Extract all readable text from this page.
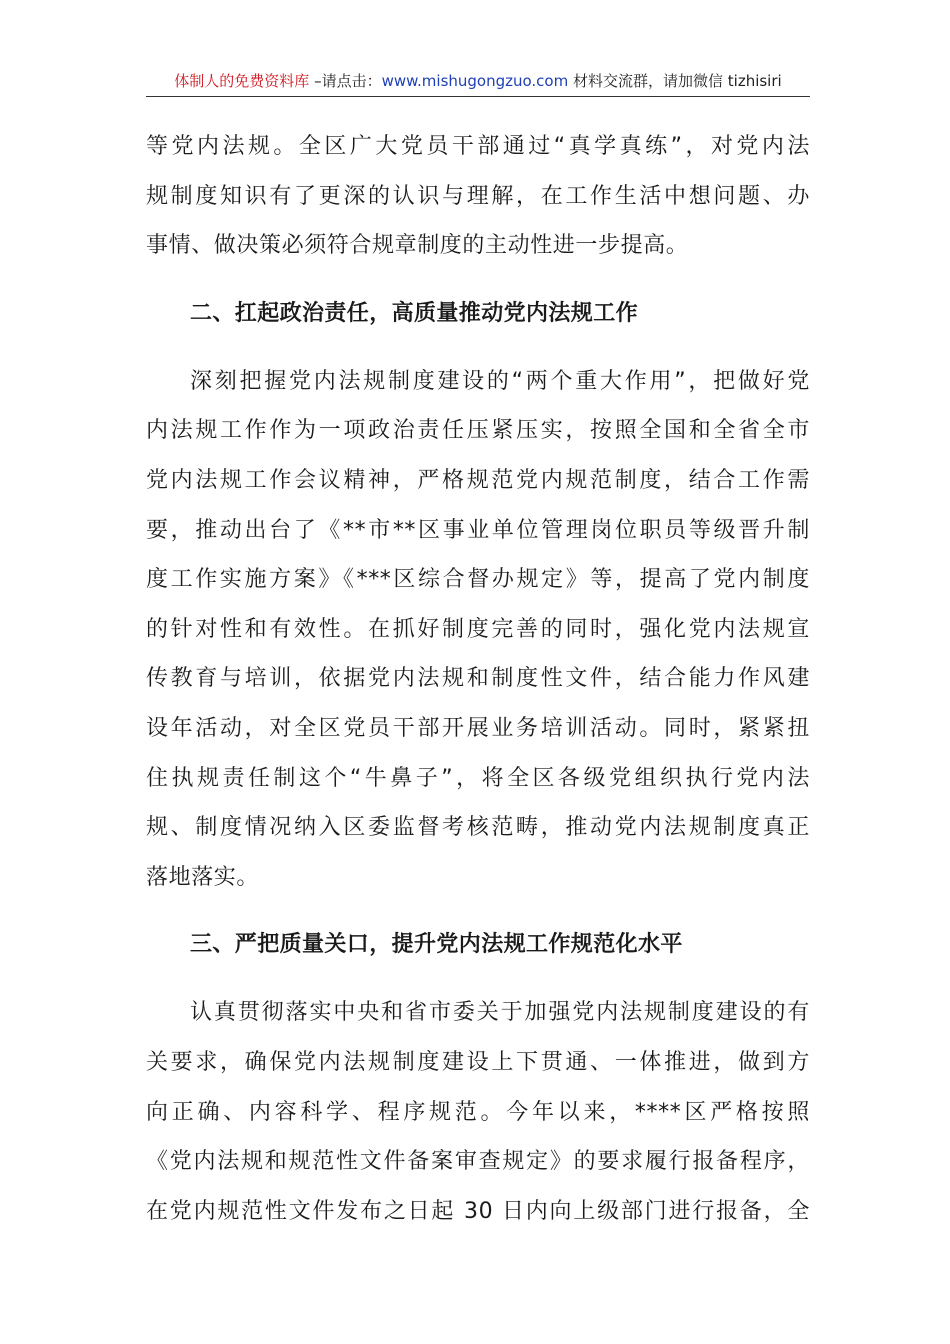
体制人的免费资料库 –请点击：www.mishugongzuo.com 材料交流群，请加微信 tizhisiri
等党内法规。全区广大党员干部通过“真学真练”，对党内法
规制度知识有了更深的认识与理解，在工作生活中想问题、办
事情、做决策必须符合规章制度的主动性进一步提高。
二、扛起政治责任，高质量推动党内法规工作
深刻把握党内法规制度建设的“两个重大作用”，把做好党
内法规工作作为一项政治责任压紧压实，按照全国和全省全市
党内法规工作会议精神，严格规范党内规范制度，结合工作需
要，推动出台了《**市**区事业单位管理岗位职员等级晋升制
度工作实施方案》《***区综合督办规定》等，提高了党内制度
的针对性和有效性。在抓好制度完善的同时，强化党内法规宣
传教育与培训，依据党内法规和制度性文件，结合能力作风建
设年活动，对全区党员干部开展业务培训活动。同时，紧紧扭
住执规责任制这个“牛鼻子”，将全区各级党组织执行党内法
规、制度情况纳入区委监督考核范畴，推动党内法规制度真正
落地落实。
三、严把质量关口，提升党内法规工作规范化水平
认真贯彻落实中央和省市委关于加强党内法规制度建设的有
关要求，确保党内法规制度建设上下贯通、一体推进，做到方
向正确、内容科学、程序规范。今年以来，****区严格按照
《党内法规和规范性文件备案审查规定》的要求履行报备程序，
在党内规范性文件发布之日起 30 日内向上级部门进行报备，全
